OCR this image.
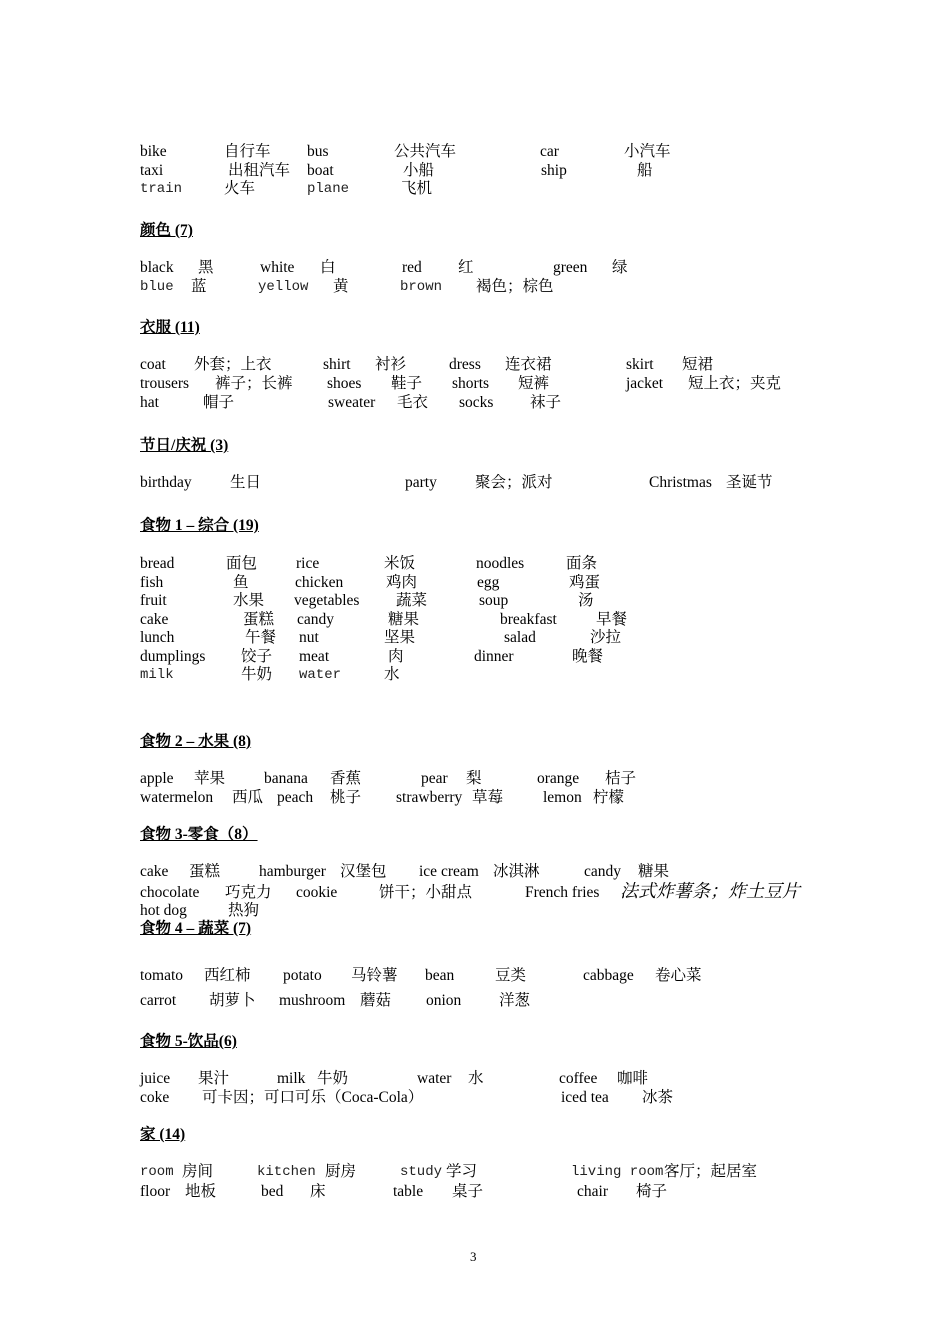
bike	自行车 bus	公共汽车	car	小汽车
taxi	出租汽车 boat	小船	ship	船
train	火车	plane	飞机
颜色 (7)
black 黑	white 白	red 红	green 绿
blue 蓝	yellow 黄	brown 褐色；棕色
衣服 (11)
coat 外套；上衣	shirt 衬衫	dress 连衣裙	skirt 短裙
trousers 裤子；长裤 shoes 鞋子 shorts 短裤	jacket 短上衣；夹克
hat	帽子	sweater 毛衣 socks 袜子
节日/庆祝 (3)
birthday 生日	party 聚会；派对	Christmas 圣诞节
食物 1 – 综合 (19)
bread	面包	rice	米饭	noodles	面条
fish	鱼	chicken	鸡肉	egg	鸡蛋
fruit	水果 vegetables 蔬菜	soup	汤
cake	蛋糕 candy	糖果	breakfast	早餐
lunch	午餐 nut	坚果	salad	沙拉
dumplings 饺子 meat	肉	dinner	晚餐
milk	牛奶 water	水
食物 2 – 水果 (8)
apple 苹果	banana 香蕉	pear 梨	orange 桔子
watermelon 西瓜 peach 桃子 strawberry 草莓	lemon 柠檬
食物 3-零食（8）
cake 蛋糕	hamburger 汉堡包 ice cream 冰淇淋	candy 糖果
chocolate 巧克力 cookie	饼干；小甜点	French fries 法式炸薯条；炸土豆片
hot dog	热狗
食物 4 – 蔬菜 (7)
tomato 西红柿 potato 马铃薯 bean	豆类	cabbage 卷心菜
carrot 胡萝卜 mushroom 蘑菇 onion 洋葱
食物 5-饮品(6)
juice 果汁	milk 牛奶	water 水	coffee 咖啡
coke 可卡因；可口可乐（Coca-Cola）	iced tea 冰茶
家 (14)
room 房间	kitchen 厨房	study 学习	living room 客厅；起居室
floor 地板	bed 床	table 桌子	chair 椅子
3
